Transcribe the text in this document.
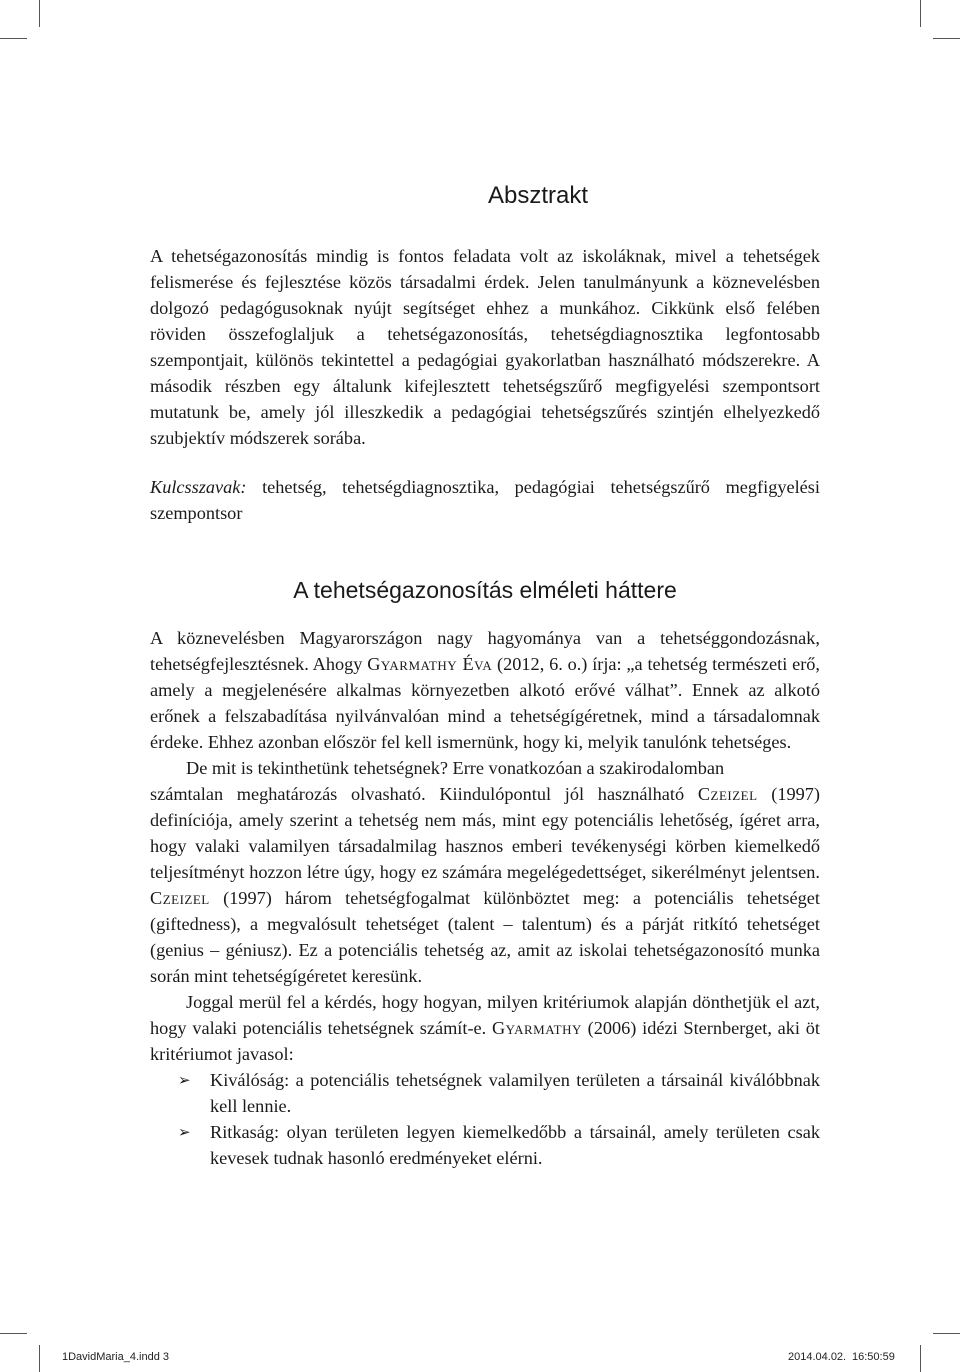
Absztrakt

A tehetségazonosítás mindig is fontos feladata volt az iskoláknak, mivel a tehetségek felismerése és fejlesztése közös társadalmi érdek. Jelen tanulmányunk a köznevelésben dolgozó pedagógusoknak nyújt segítséget ehhez a munkához. Cikkünk első felében röviden összefoglaljuk a tehetségazonosítás, tehetségdiagnosztika legfontosabb szempontjait, különös tekintettel a pedagógiai gyakorlatban használható módszerekre. A második részben egy általunk kifejlesztett tehetségszűrő megfigyelési szempontsort mutatunk be, amely jól illeszkedik a pedagógiai tehetségszűrés szintjén elhelyezkedő szubjektív módszerek sorába.

Kulcsszavak: tehetség, tehetségdiagnosztika, pedagógiai tehetségszűrő megfigyelési szempontsor

A tehetségazonosítás elméleti háttere

A köznevelésben Magyarországon nagy hagyománya van a tehetséggondozásnak, tehetségfejlesztésnek. Ahogy Gyarmathy Éva (2012, 6. o.) írja: „a tehetség természeti erő, amely a megjelenésére alkalmas környezetben alkotó erővé válhat”. Ennek az alkotó erőnek a felszabadítása nyilvánvalóan mind a tehetségígéretnek, mind a társadalomnak érdeke. Ehhez azonban először fel kell ismernünk, hogy ki, melyik tanulónk tehetséges.

De mit is tekinthetünk tehetségnek? Erre vonatkozóan a szakirodalomban

számtalan meghatározás olvasható. Kiindulópontul jól használható Czeizel (1997) definíciója, amely szerint a tehetség nem más, mint egy potenciális lehetőség, ígéret arra, hogy valaki valamilyen társadalmilag hasznos emberi tevékenységi körben kiemelkedő teljesítményt hozzon létre úgy, hogy ez számára megelégedettséget, sikerélményt jelentsen. Czeizel (1997) három tehetségfogalmat különböztet meg: a potenciális tehetséget (giftedness), a megvalósult tehetséget (talent – talentum) és a párját ritkító tehetséget (genius – géniusz). Ez a potenciális tehetség az, amit az iskolai tehetségazonosító munka során mint tehetségígéretet keresünk.

Joggal merül fel a kérdés, hogy hogyan, milyen kritériumok alapján dönthetjük el azt, hogy valaki potenciális tehetségnek számít-e. Gyarmathy (2006) idézi Sternberget, aki öt kritériumot javasol:

➢ Kiválóság: a potenciális tehetségnek valamilyen területen a társainál kiválóbbnak kell lennie.
➢ Ritkaság: olyan területen legyen kiemelkedőbb a társainál, amely területen csak kevesek tudnak hasonló eredményeket elérni.
1DavidMaria_4.indd 3	2014.04.02. 16:50:59
